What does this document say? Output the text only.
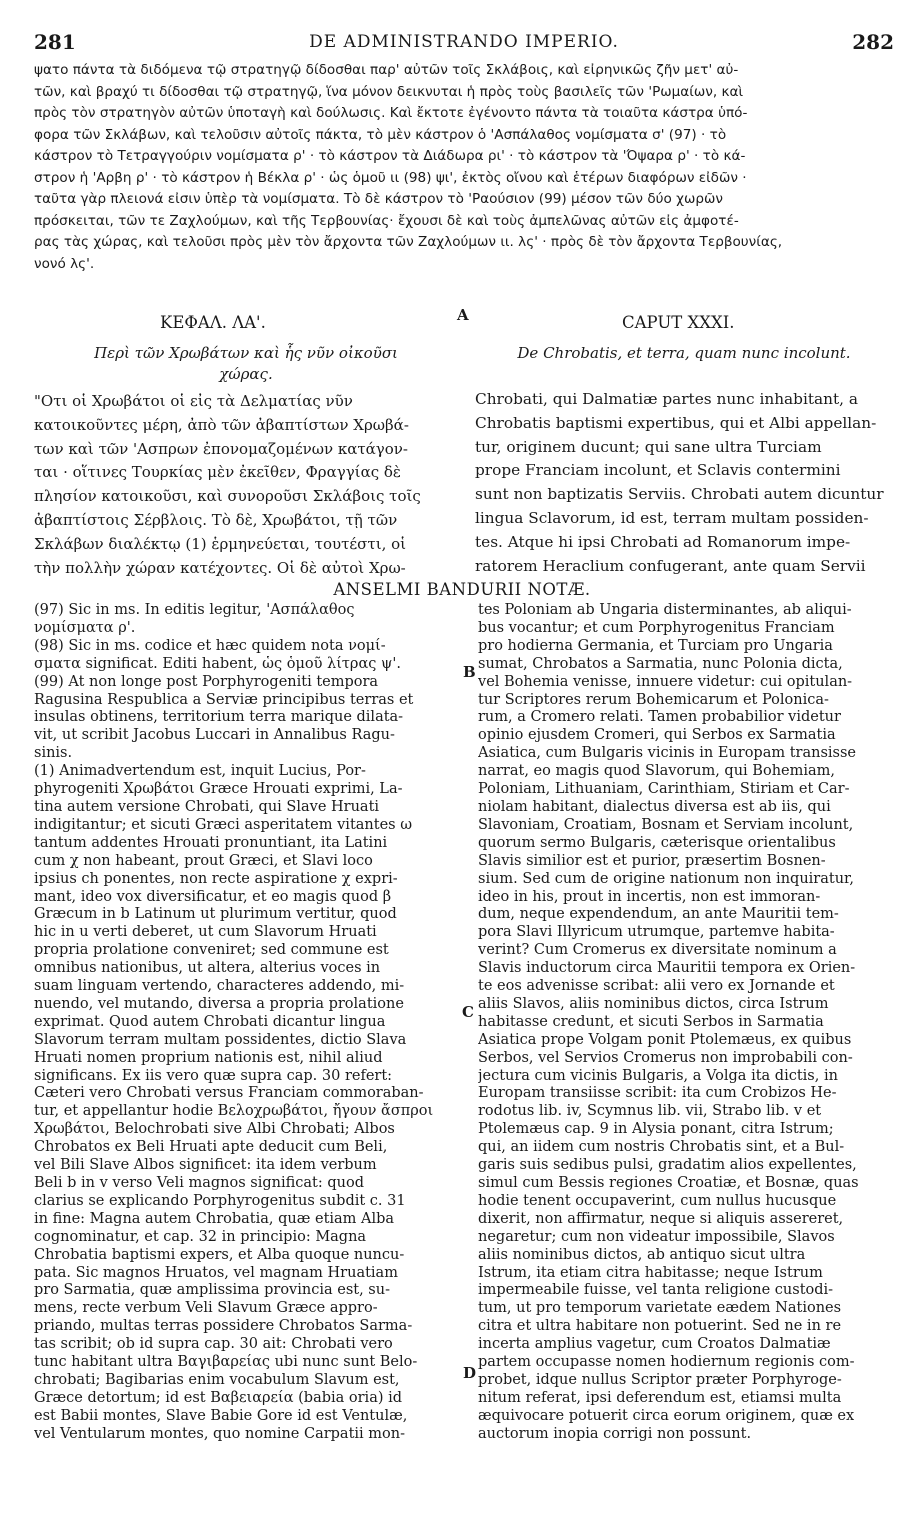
281	DE ADMINISTRANDO IMPERIO.	282
ψατο πάντα τὰ διδόμενα τῷ στρατηγῷ δίδοσθαι παρ' αὐτῶν τοῖς Σκλάβοις, καὶ εἰρηνικῶς ζῆν μετ' αὐ-
τῶν, καὶ βραχύ τι δίδοσθαι τῷ στρατηγῷ, ἵνα μόνον δεικνυται ἡ πρὸς τοὺς βασιλεῖς τῶν 'Ρωμαίων, καὶ
πρὸς τὸν στρατηγὸν αὐτῶν ὑποταγὴ καὶ δούλωσις. Καὶ ἔκτοτε ἐγένοντο πάντα τὰ τοιαῦτα κάστρα ὑπό-
φορα τῶν Σκλάβων, καὶ τελοῦσιν αὐτοῖς πάκτα, τὸ μὲν κάστρον ὁ 'Ασπάλαθος νομίσματα σ' (97) · τὸ
κάστρον τὸ Τετραγγούριν νομίσματα ρ' · τὸ κάστρον τὰ Διάδωρα ρι' · τὸ κάστρον τὰ 'Όψαρα ρ' · τὸ κά-
στρον ἡ 'Αρβη ρ' · τὸ κάστρον ἡ Βέκλα ρ' · ὡς ὁμοῦ ιι (98) ψι', ἐκτὸς οἴνου καὶ ἑτέρων διαφόρων εἰδῶν ·
ταῦτα γὰρ πλειονά εἰσιν ὑπὲρ τὰ νομίσματα. Τὸ δὲ κάστρον τὸ 'Ραούσιον (99) μέσον τῶν δύο χωρῶν
πρόσκειται, τῶν τε Ζαχλούμων, καὶ τῆς Τερβουνίας· ἔχουσι δὲ καὶ τοὺς ἀμπελῶνας αὐτῶν εἰς ἀμφοτέ-
ρας τὰς χώρας, καὶ τελοῦσι πρὸς μὲν τὸν ἄρχοντα τῶν Ζαχλούμων ιι. λς' · πρὸς δὲ τὸν ἄρχοντα Τερβουνίας,
νονό λς'.
ΚΕΦΑΛ. ΛΑ'.	A	CAPUT XXXI.
Περὶ τῶν Χρωβάτων καὶ ἧς νῦν οἰκοῦσι
χώρας.
De Chrobatis, et terra, quam nunc incolunt.
"Οτι οἱ Χρωβάτοι οἱ εἰς τὰ Δελματίας νῦν
κατοικοῦντες μέρη, ἀπὸ τῶν ἀβαπτίστων Χρωβά-
των καὶ τῶν 'Ασπρων ἐπονομαζομένων κατάγον-
ται · οἵτινες Τουρκίας μὲν ἐκεῖθεν, Φραγγίας δὲ
πλησίον κατοικοῦσι, καὶ συνοροῦσι Σκλάβοις τοῖς
ἀβαπτίστοις Σέρβλοις. Τὸ δὲ, Χρωβάτοι, τῇ τῶν
Σκλάβων διαλέκτῳ (1) ἑρμηνεύεται, τουτέστι, οἱ
τὴν πολλὴν χώραν κατέχοντες. Οἱ δὲ αὐτοὶ Χρω-
Chrobati, qui Dalmatiæ partes nunc inhabitant, a
Chrobatis baptismi expertibus, qui et Albi appellan-
tur, originem ducunt; qui sane ultra Turciam
prope Franciam incolunt, et Sclavis contermini
sunt non baptizatis Serviis. Chrobati autem dicuntur
lingua Sclavorum, id est, terram multam possiden-
tes. Atque hi ipsi Chrobati ad Romanorum impe-
ratorem Heraclium confugerant, ante quam Servii
ANSELMI BANDURII NOTÆ.
(97) Sic in ms. In editis legitur, 'Ασπάλαθος
νομίσματα ρ'.
(98) Sic in ms. codice et hæc quidem nota νομί-
σματα significat. Editi habent, ὡς ὁμοῦ λίτρας ψ'.
(99) At non longe post Porphyrogeniti tempora
Ragusina Respublica a Serviæ principibus terras et
insulas obtinens, territorium terra marique dilata-
vit, ut scribit Jacobus Luccari in Annalibus Ragu-
sinis.
(1) Animadvertendum est, inquit Lucius, Por-
phyrogeniti Χρωβάτοι Græce Hrouati exprimi, La-
tina autem versione Chrobati, qui Slave Hruati
indigitantur; et sicuti Græci asperitatem vitantes ω
tantum addentes Hrouati pronuntiant, ita Latini
cum χ non habeant, prout Græci, et Slavi loco
ipsius ch ponentes, non recte aspiratione χ expri-
mant, ideo vox diversificatur, et eo magis quod β
Græcum in b Latinum ut plurimum vertitur, quod
hic in u verti deberet, ut cum Slavorum Hruati
propria prolatione conveniret; sed commune est
omnibus nationibus, ut altera, alterius voces in
suam linguam vertendo, characteres addendo, mi-
nuendo, vel mutando, diversa a propria prolatione
exprimat. Quod autem Chrobati dicantur lingua
Slavorum terram multam possidentes, dictio Slava
Hruati nomen proprium nationis est, nihil aliud
significans. Ex iis vero quæ supra cap. 30 refert:
Cæteri vero Chrobati versus Franciam commoraban-
tur, et appellantur hodie Βελοχρωβάτοι, ἤγουν ἄσπροι
Χρωβάτοι, Belochrobati sive Albi Chrobati; Albos
Chrobatos ex Beli Hruati apte deducit cum Beli,
vel Bili Slave Albos significet: ita idem verbum
Beli b in v verso Veli magnos significat: quod
clarius se explicando Porphyrogenitus subdit c. 31
in fine: Magna autem Chrobatia, quæ etiam Alba
cognominatur, et cap. 32 in principio: Magna
Chrobatia baptismi expers, et Alba quoque nuncu-
pata. Sic magnos Hruatos, vel magnam Hruatiam
pro Sarmatia, quæ amplissima provincia est, su-
mens, recte verbum Veli Slavum Græce appro-
priando, multas terras possidere Chrobatos Sarma-
tas scribit; ob id supra cap. 30 ait: Chrobati vero
tunc habitant ultra Βαγιβαρείας ubi nunc sunt Belo-
chrobati; Bagibarias enim vocabulum Slavum est,
Græce detortum; id est Βαβειαρεία (babia oria) id
est Babii montes, Slave Babie Gore id est Ventulæ,
vel Ventularum montes, quo nomine Carpatii mon-
tes Poloniam ab Ungaria disterminantes, ab aliqui-
bus vocantur; et cum Porphyrogenitus Franciam
pro hodierna Germania, et Turciam pro Ungaria
sumat, Chrobatos a Sarmatia, nunc Polonia dicta,
vel Bohemia venisse, innuere videtur: cui opitulan-
tur Scriptores rerum Bohemicarum et Polonica-
rum, a Cromero relati. Tamen probabilior videtur
opinio ejusdem Cromeri, qui Serbos ex Sarmatia
Asiatica, cum Bulgaris vicinis in Europam transisse
narrat, eo magis quod Slavorum, qui Bohemiam,
Poloniam, Lithuaniam, Carinthiam, Stiriam et Car-
niolam habitant, dialectus diversa est ab iis, qui
Slavoniam, Croatiam, Bosnam et Serviam incolunt,
quorum sermo Bulgaris, cæterisque orientalibus
Slavis similior est et purior, præsertim Bosnen-
sium. Sed cum de origine nationum non inquiratur,
ideo in his, prout in incertis, non est immoran-
dum, neque expendendum, an ante Mauritii tem-
pora Slavi Illyricum utrumque, partemve habita-
verint? Cum Cromerus ex diversitate nominum a
Slavis inductorum circa Mauritii tempora ex Orien-
te eos advenisse scribat: alii vero ex Jornande et
aliis Slavos, aliis nominibus dictos, circa Istrum
habitasse credunt, et sicuti Serbos in Sarmatia
Asiatica prope Volgam ponit Ptolemæus, ex quibus
Serbos, vel Servios Cromerus non improbabili con-
jectura cum vicinis Bulgaris, a Volga ita dictis, in
Europam transiisse scribit: ita cum Crobizos He-
rodotus lib. iv, Scymnus lib. vii, Strabo lib. v et
Ptolemæus cap. 9 in Alysia ponant, citra Istrum;
qui, an iidem cum nostris Chrobatis sint, et a Bul-
garis suis sedibus pulsi, gradatim alios expellentes,
simul cum Bessis regiones Croatiæ, et Bosnæ, quas
hodie tenent occupaverint, cum nullus hucusque
dixerit, non affirmatur, neque si aliquis assereret,
negaretur; cum non videatur impossibile, Slavos
aliis nominibus dictos, ab antiquo sicut ultra
Istrum, ita etiam citra habitasse; neque Istrum
impermeabile fuisse, vel tanta religione custodi-
tum, ut pro temporum varietate eædem Nationes
citra et ultra habitare non potuerint. Sed ne in re
incerta amplius vagetur, cum Croatos Dalmatiæ
partem occupasse nomen hodiernum regionis com-
probet, idque nullus Scriptor præter Porphyroge-
nitum referat, ipsi deferendum est, etiamsi multa
æquivocare potuerit circa eorum originem, quæ ex
auctorum inopia corrigi non possunt.
B
C
D
